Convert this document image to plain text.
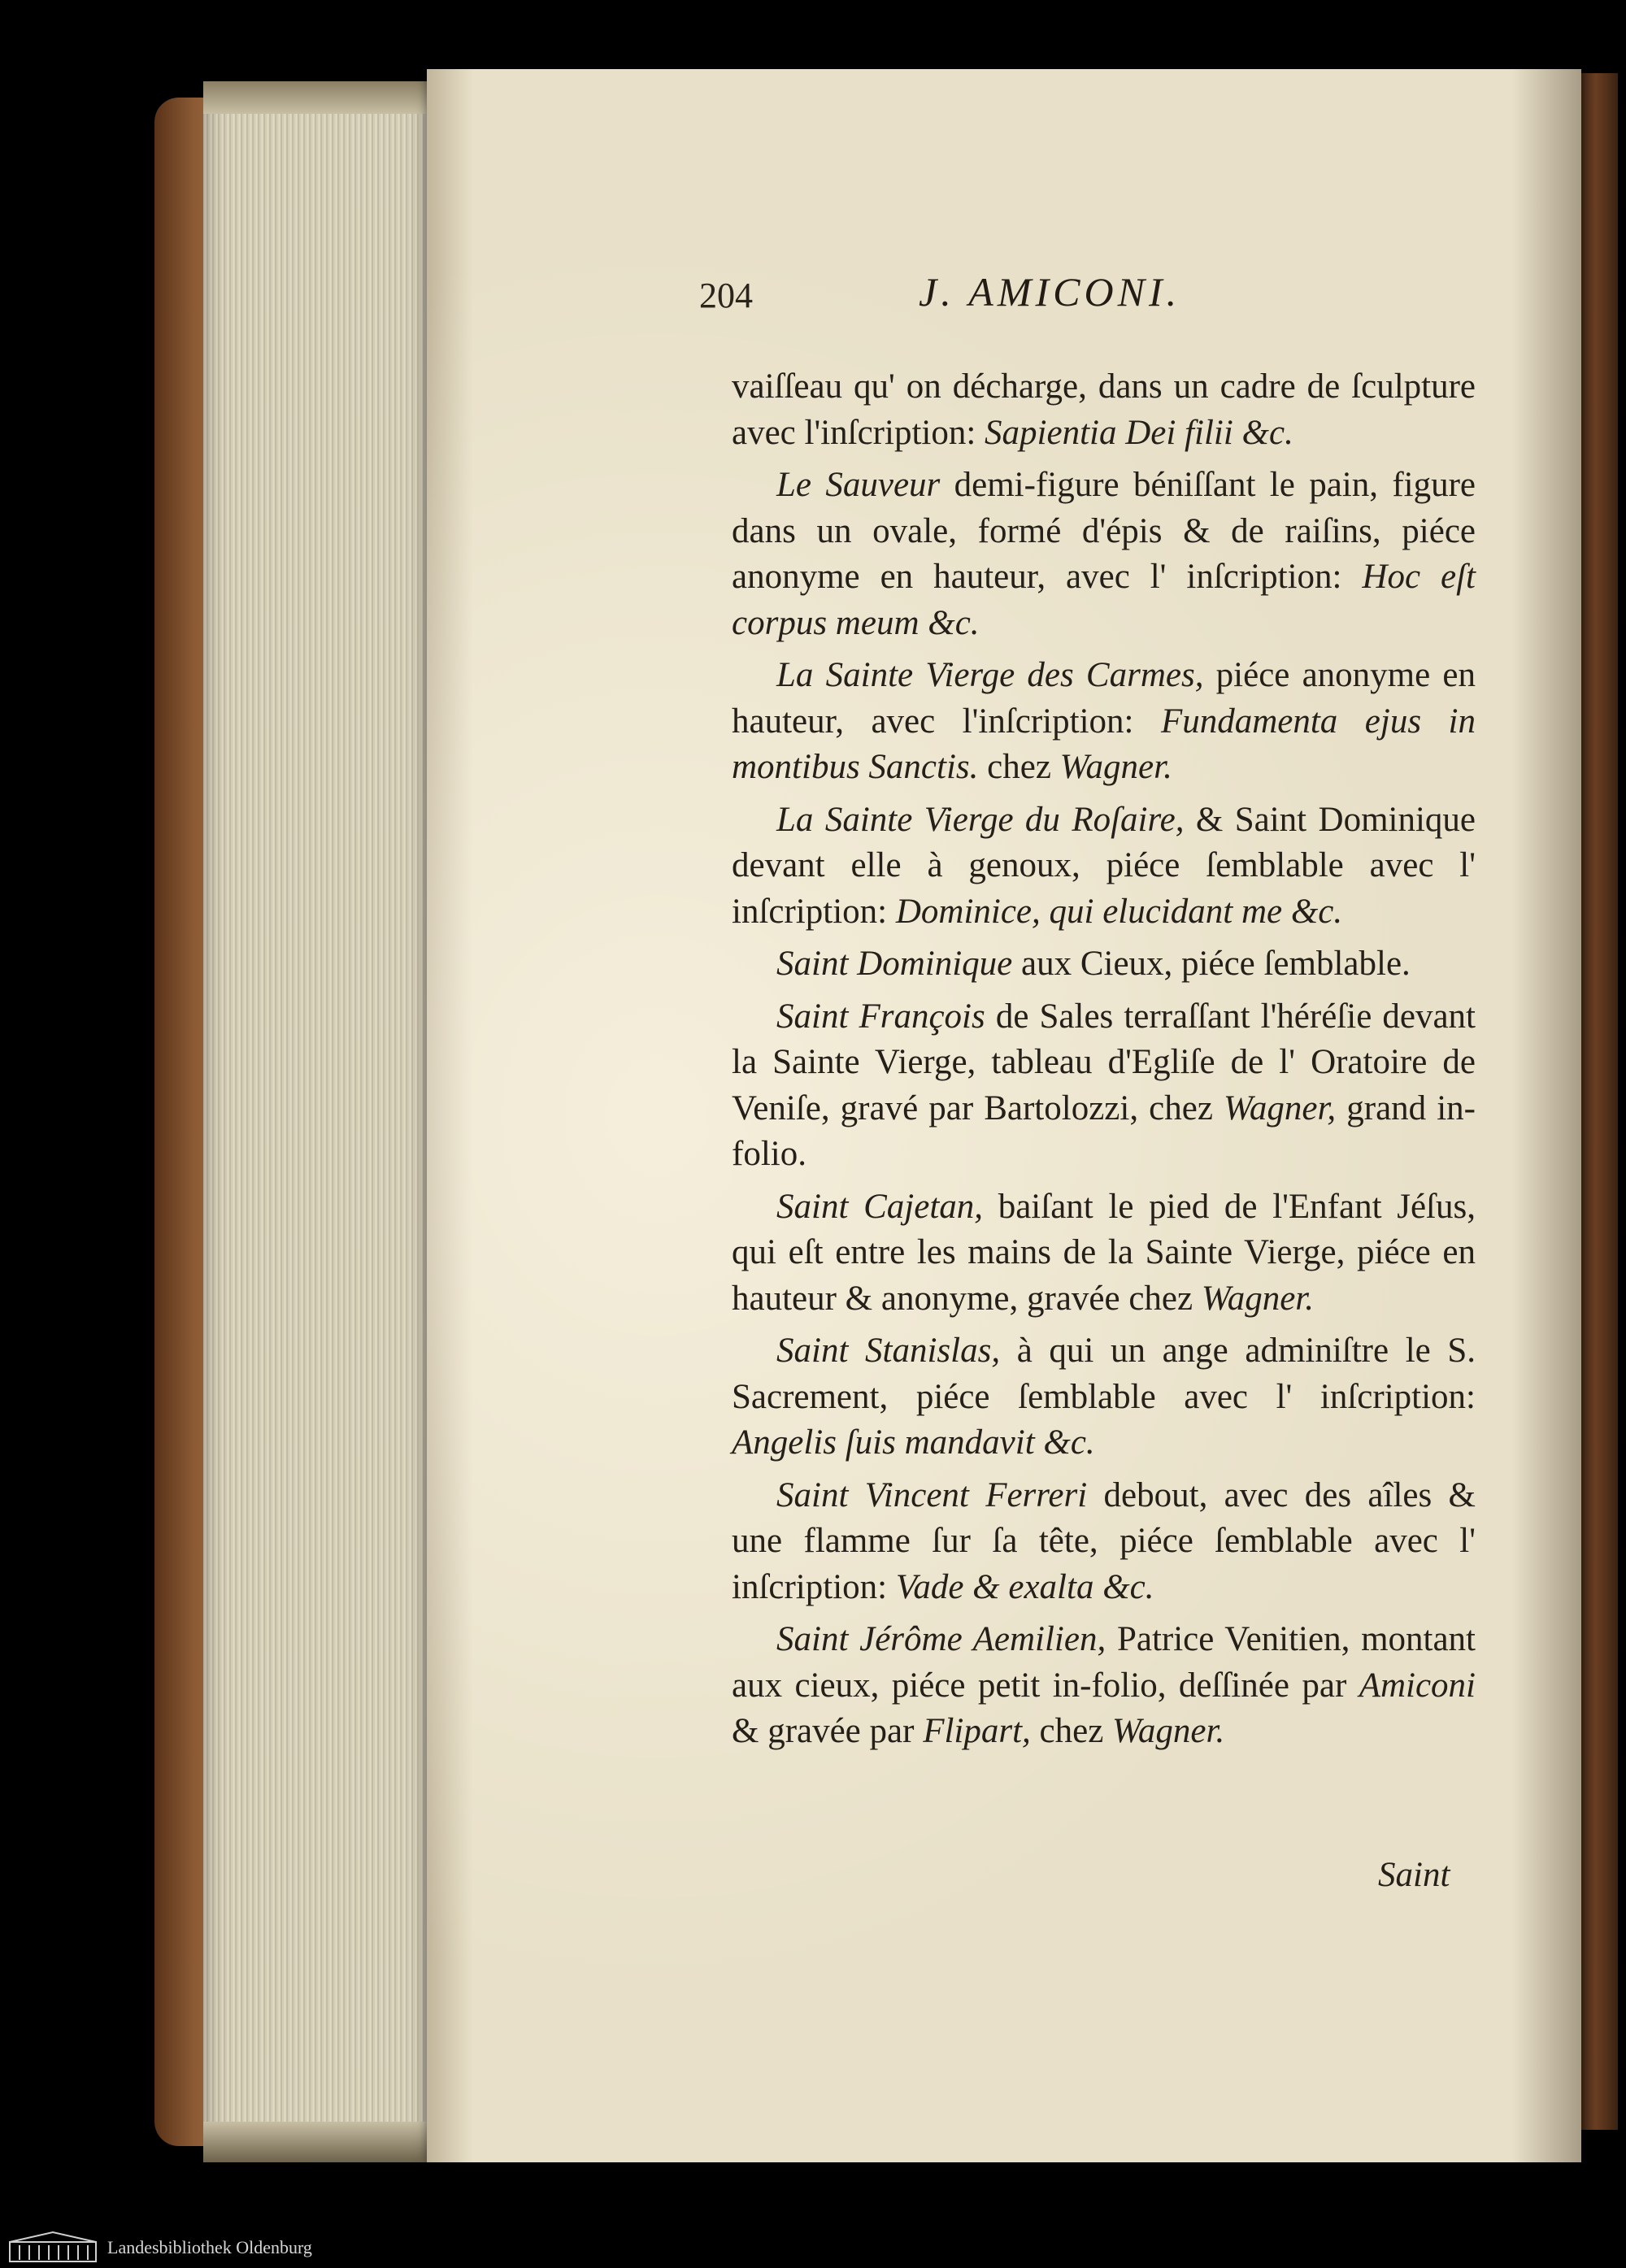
204	J. AMICONI.

vaiſſeau qu' on décharge, dans un cadre de ſculpture avec l'inſcription: Sapientia Dei filii &c.

Le Sauveur demi-figure béniſſant le pain, figure dans un ovale, formé d'épis & de raiſins, piéce anonyme en hauteur, avec l' inſcription: Hoc eſt corpus meum &c.

La Sainte Vierge des Carmes, piéce anonyme en hauteur, avec l'inſcription: Fundamenta ejus in montibus Sanctis. chez Wagner.

La Sainte Vierge du Roſaire, & Saint Dominique devant elle à genoux, piéce ſemblable avec l' inſcription: Dominice, qui elucidant me &c.

Saint Dominique aux Cieux, piéce ſemblable.

Saint François de Sales terraſſant l'héréſie devant la Sainte Vierge, tableau d'Egliſe de l' Oratoire de Veniſe, gravé par Bartolozzi, chez Wagner, grand in-folio.

Saint Cajetan, baiſant le pied de l'Enfant Jéſus, qui eſt entre les mains de la Sainte Vierge, piéce en hauteur & anonyme, gravée chez Wagner.

Saint Stanislas, à qui un ange adminiſtre le S. Sacrement, piéce ſemblable avec l' inſcription: Angelis ſuis mandavit &c.

Saint Vincent Ferreri debout, avec des aîles & une flamme ſur ſa tête, piéce ſemblable avec l' inſcription: Vade & exalta &c.

Saint Jérôme Aemilien, Patrice Venitien, montant aux cieux, piéce petit in-folio, deſſinée par Amiconi & gravée par Flipart, chez Wagner.

Saint
Landesbibliothek Oldenburg
